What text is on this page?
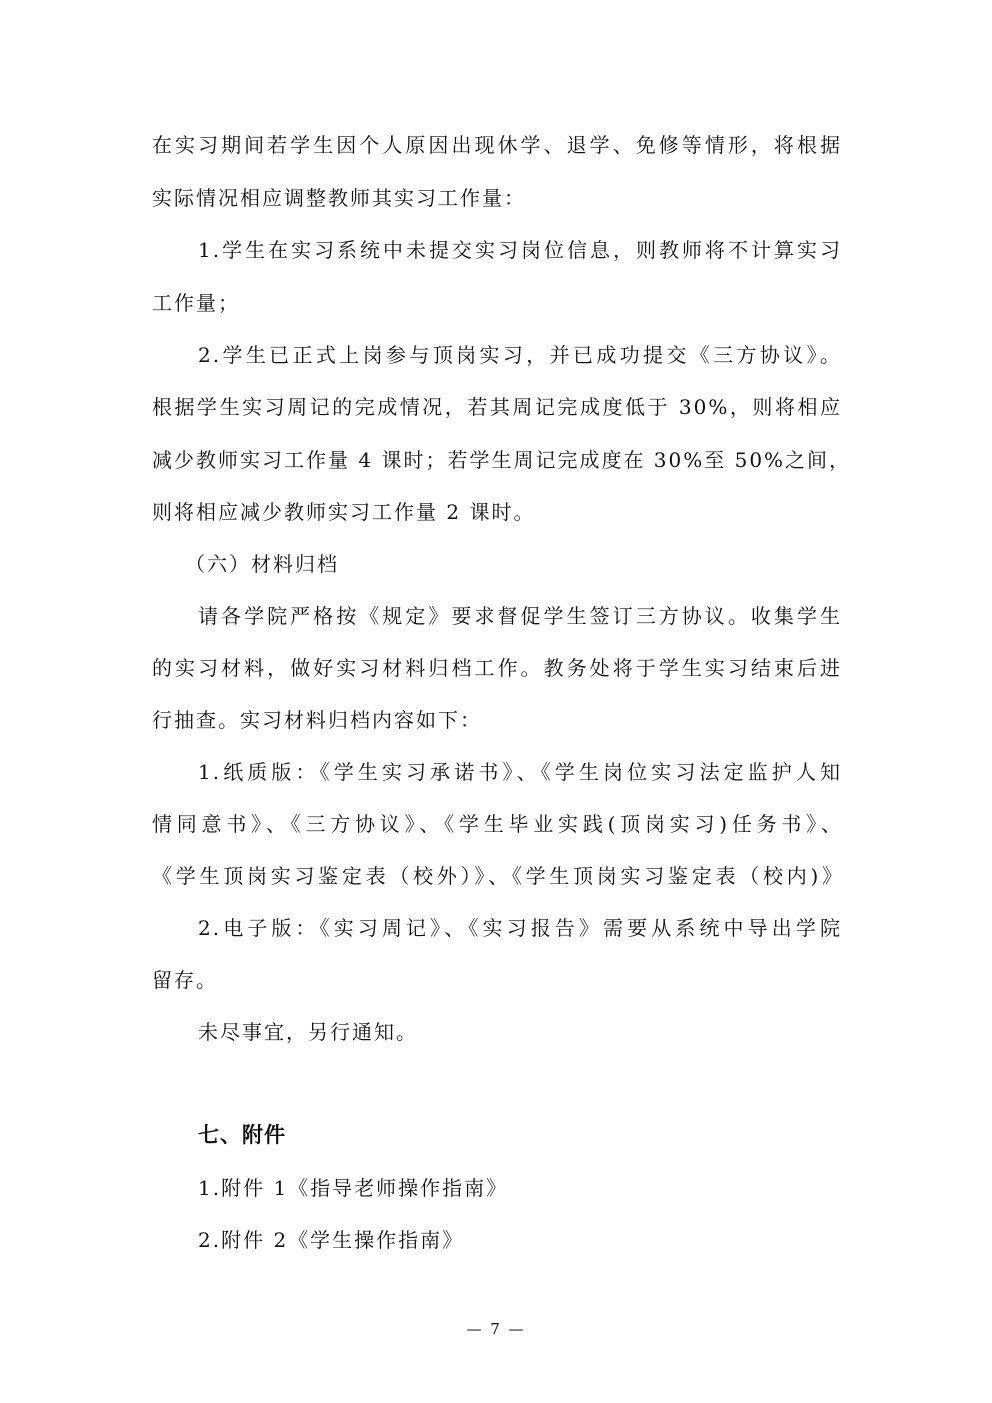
在实习期间若学生因个人原因出现休学、退学、免修等情形，将根据
实际情况相应调整教师其实习工作量：
1.学生在实习系统中未提交实习岗位信息，则教师将不计算实习
工作量；
2.学生已正式上岗参与顶岗实习，并已成功提交《三方协议》。
根据学生实习周记的完成情况，若其周记完成度低于 30%，则将相应
减少教师实习工作量 4 课时；若学生周记完成度在 30%至 50%之间，
则将相应减少教师实习工作量 2 课时。
（六）材料归档
请各学院严格按《规定》要求督促学生签订三方协议。收集学生
的实习材料，做好实习材料归档工作。教务处将于学生实习结束后进
行抽查。实习材料归档内容如下：
1.纸质版：《学生实习承诺书》、《学生岗位实习法定监护人知
情同意书》、《三方协议》、《学生毕业实践(顶岗实习)任务书》、
《学生顶岗实习鉴定表（校外）》、《学生顶岗实习鉴定表（校内)》
2.电子版：《实习周记》、《实习报告》需要从系统中导出学院
留存。
未尽事宜，另行通知。
七、附件
1.附件 1《指导老师操作指南》
2.附件 2《学生操作指南》
— 7 —
